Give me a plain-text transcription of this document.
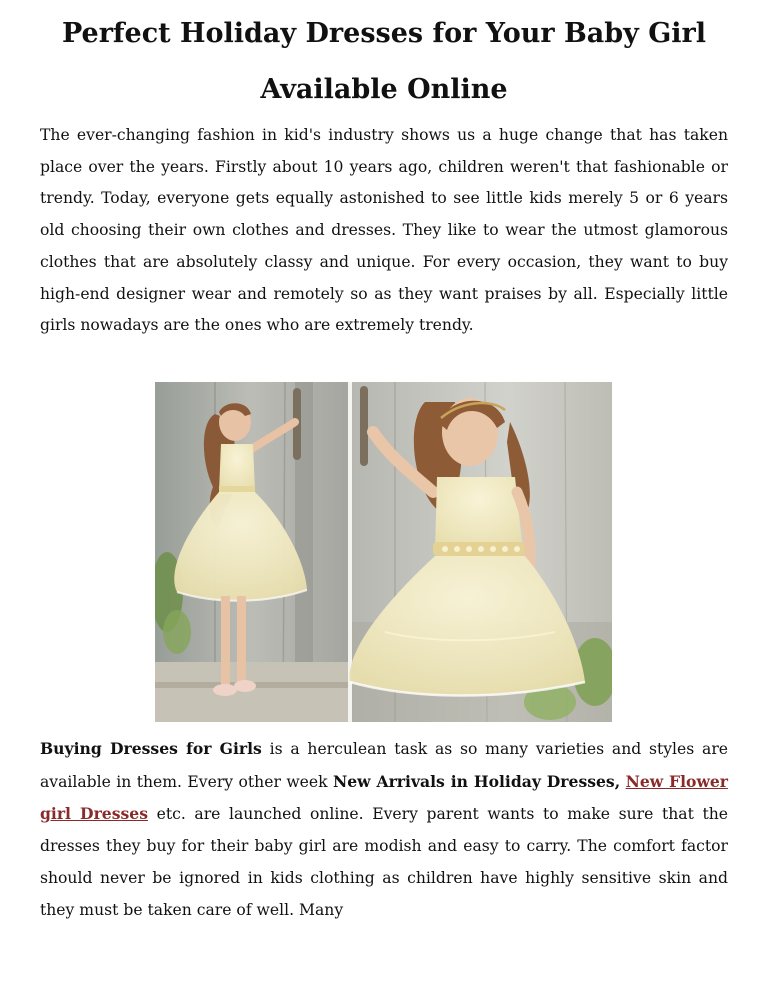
Perfect Holiday Dresses for Your Baby Girl
Available Online

The ever-changing fashion in kid's industry shows us a huge change that has taken place over the years. Firstly about 10 years ago, children weren't that fashionable or trendy. Today, everyone gets equally astonished to see little kids merely 5 or 6 years old choosing their own clothes and dresses. They like to wear the utmost glamorous clothes that are absolutely classy and unique. For every occasion, they want to buy high-end designer wear and remotely so as they want praises by all. Especially little girls nowadays are the ones who are extremely trendy.

Buying Dresses for Girls is a herculean task as so many varieties and styles are available in them. Every other week New Arrivals in Holiday Dresses, New Flower girl Dresses etc. are launched online. Every parent wants to make sure that the dresses they buy for their baby girl are modish and easy to carry. The comfort factor should never be ignored in kids clothing as children have highly sensitive skin and they must be taken care of well. Many
